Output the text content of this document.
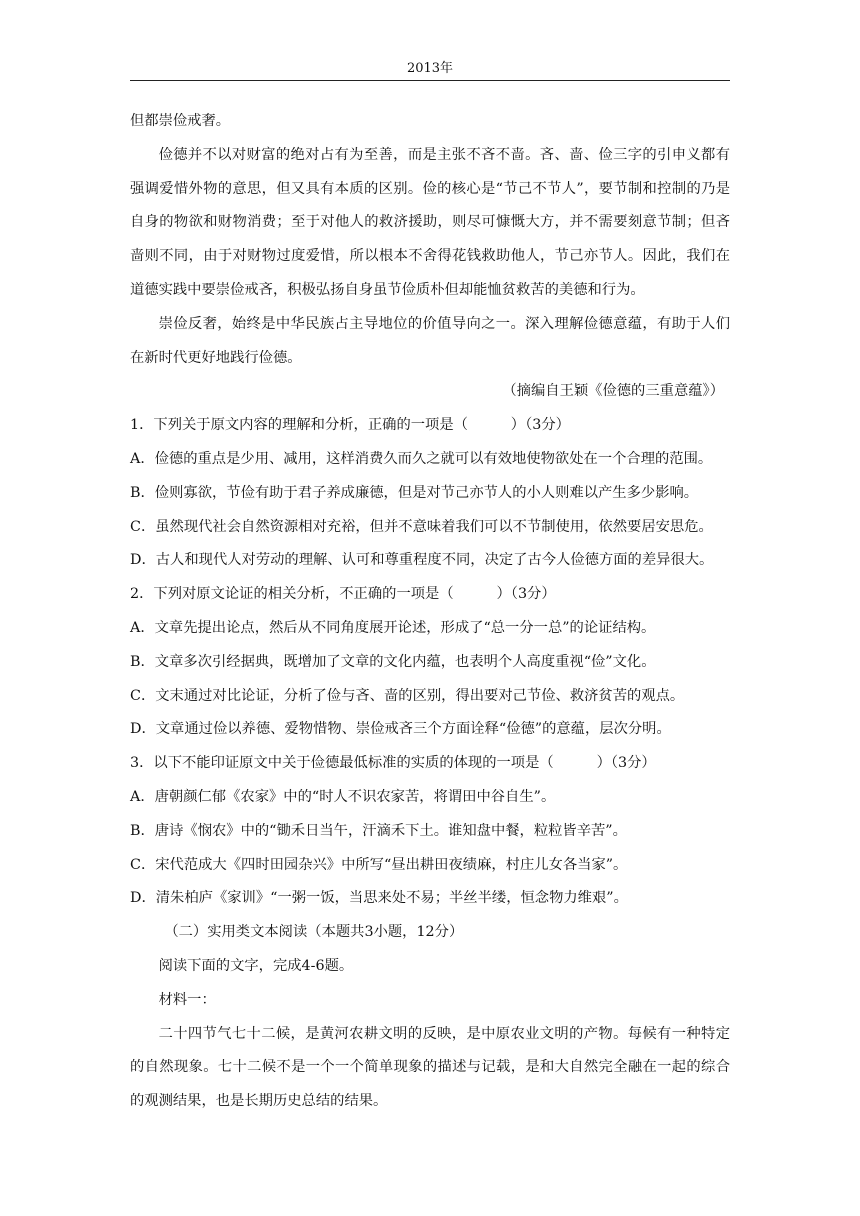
2013年

但都崇俭戒奢。

俭德并不以对财富的绝对占有为至善，而是主张不吝不啬。吝、啬、俭三字的引申义都有强调爱惜外物的意思，但又具有本质的区别。俭的核心是“节己不节人”，要节制和控制的乃是自身的物欲和财物消费；至于对他人的救济援助，则尽可慷慨大方，并不需要刻意节制；但吝啬则不同，由于对财物过度爱惜，所以根本不舍得花钱救助他人，节己亦节人。因此，我们在道德实践中要崇俭戒吝，积极弘扬自身虽节俭质朴但却能恤贫救苦的美德和行为。

崇俭反奢，始终是中华民族占主导地位的价值导向之一。深入理解俭德意蕴，有助于人们在新时代更好地践行俭德。

（摘编自王颖《俭德的三重意蕴》）

1．下列关于原文内容的理解和分析，正确的一项是（　　　）（3分）

A．俭德的重点是少用、减用，这样消费久而久之就可以有效地使物欲处在一个合理的范围。

B．俭则寡欲，节俭有助于君子养成廉德，但是对节己亦节人的小人则难以产生多少影响。

C．虽然现代社会自然资源相对充裕，但并不意味着我们可以不节制使用，依然要居安思危。

D．古人和现代人对劳动的理解、认可和尊重程度不同，决定了古今人俭德方面的差异很大。

2．下列对原文论证的相关分析，不正确的一项是（　　　）（3分）

A．文章先提出论点，然后从不同角度展开论述，形成了“总一分一总”的论证结构。

B．文章多次引经据典，既增加了文章的文化内蕴，也表明个人高度重视“俭”文化。

C．文末通过对比论证，分析了俭与吝、啬的区别，得出要对己节俭、救济贫苦的观点。

D．文章通过俭以养德、爱物惜物、崇俭戒吝三个方面诠释“俭德”的意蕴，层次分明。

3．以下不能印证原文中关于俭德最低标准的实质的体现的一项是（　　　）（3分）

A．唐朝颜仁郁《农家》中的“时人不识农家苦，将谓田中谷自生”。

B．唐诗《悯农》中的“锄禾日当午，汗滴禾下土。谁知盘中餐，粒粒皆辛苦”。

C．宋代范成大《四时田园杂兴》中所写“昼出耕田夜绩麻，村庄儿女各当家”。

D．清朱柏庐《家训》“一粥一饭，当思来处不易；半丝半缕，恒念物力维艰”。

（二）实用类文本阅读（本题共3小题，12分）

阅读下面的文字，完成4-6题。

材料一：

二十四节气七十二候，是黄河农耕文明的反映，是中原农业文明的产物。每候有一种特定的自然现象。七十二候不是一个一个简单现象的描述与记载，是和大自然完全融在一起的综合的观测结果，也是长期历史总结的结果。
